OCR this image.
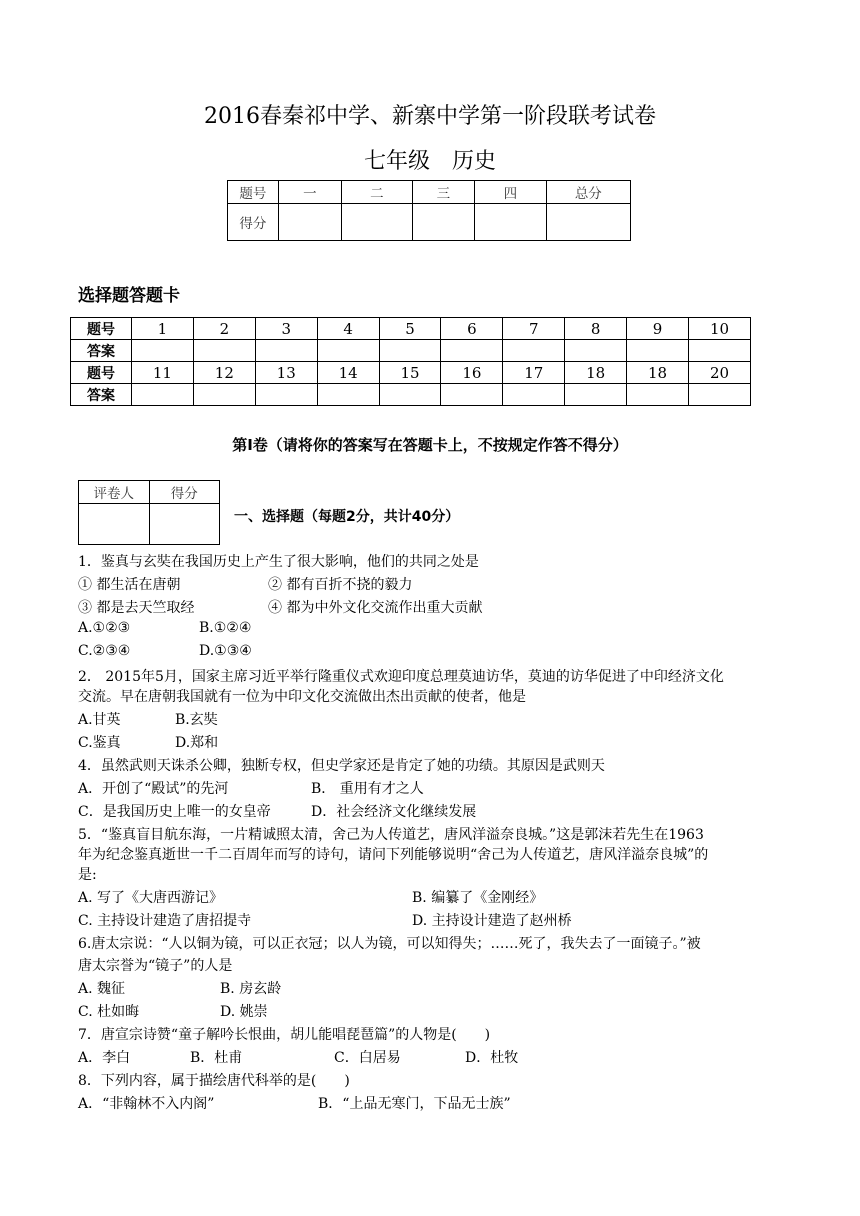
2016春秦祁中学、新寨中学第一阶段联考试卷
七年级　历史
题号	一	二	三	四	总分
得分					
选择题答题卡
题号	1	2	3	4	5	6	7	8	9	10
答案										
题号	11	12	13	14	15	16	17	18	18	20
答案										
第Ⅰ卷（请将你的答案写在答题卡上，不按规定作答不得分）
评卷人	得分

一、选择题（每题2分，共计40分）
1．鉴真与玄奘在我国历史上产生了很大影响，他们的共同之处是
① 都生活在唐朝	② 都有百折不挠的毅力
③ 都是去天竺取经	④ 都为中外文化交流作出重大贡献
A.①②③	B.①②④
C.②③④	D.①③④
2． 2015年5月，国家主席习近平举行隆重仪式欢迎印度总理莫迪访华，莫迪的访华促进了中印经济文化
交流。早在唐朝我国就有一位为中印文化交流做出杰出贡献的使者，他是
A.甘英	B.玄奘
C.鉴真	D.郑和
4．虽然武则天诛杀公卿，独断专权，但史学家还是肯定了她的功绩。其原因是武则天
A．开创了“殿试”的先河	B． 重用有才之人
C．是我国历史上唯一的女皇帝	D．社会经济文化继续发展
5．“鉴真盲目航东海，一片精诚照太清，舍己为人传道艺，唐风洋溢奈良城。”这是郭沫若先生在1963
年为纪念鉴真逝世一千二百周年而写的诗句，请问下列能够说明“舍己为人传道艺，唐风洋溢奈良城”的
是:
A. 写了《大唐西游记》	B. 编纂了《金刚经》
C. 主持设计建造了唐招提寺	D. 主持设计建造了赵州桥
6.唐太宗说：“人以铜为镜，可以正衣冠；以人为镜，可以知得失；……死了，我失去了一面镜子。”被
唐太宗誉为“镜子”的人是
A. 魏征	B. 房玄龄
C. 杜如晦	D. 姚崇
7．唐宣宗诗赞“童子解吟长恨曲，胡儿能唱琵琶篇”的人物是(　　)
A．李白	B．杜甫	C．白居易	D．杜牧
8．下列内容，属于描绘唐代科举的是(　　)
A．“非翰林不入内阁”	B．“上品无寒门，下品无士族”
